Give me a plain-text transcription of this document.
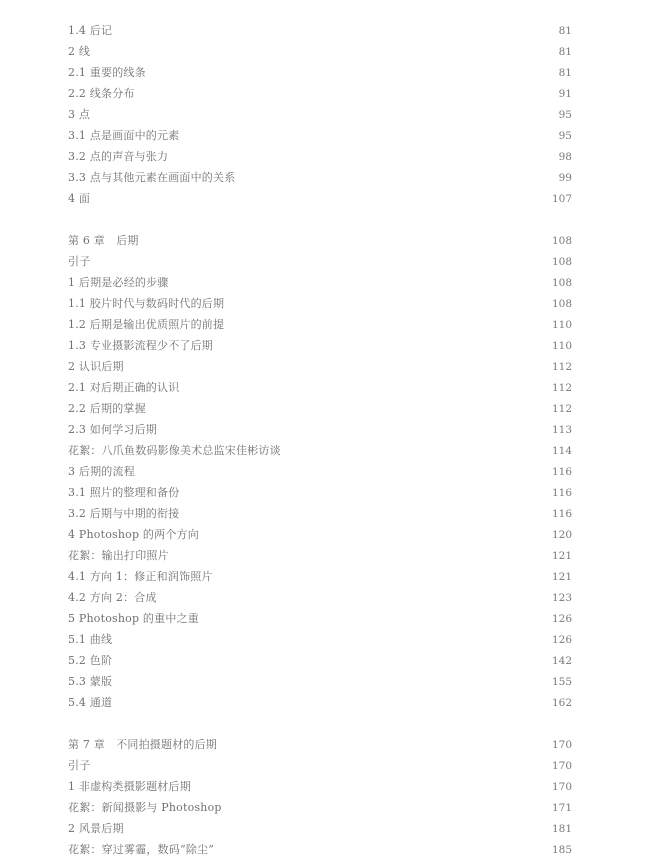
1.4 后记	81
2 线	81
2.1 重要的线条	81
2.2 线条分布	91
3 点	95
3.1 点是画面中的元素	95
3.2 点的声音与张力	98
3.3 点与其他元素在画面中的关系	99
4 面	107
第 6 章　后期	108
引子	108
1 后期是必经的步骤	108
1.1 胶片时代与数码时代的后期	108
1.2 后期是输出优质照片的前提	110
1.3 专业摄影流程少不了后期	110
2 认识后期	112
2.1 对后期正确的认识	112
2.2 后期的掌握	112
2.3 如何学习后期	113
花絮：八爪鱼数码影像美术总监宋佳彬访谈	114
3 后期的流程	116
3.1 照片的整理和备份	116
3.2 后期与中期的衔接	116
4 Photoshop 的两个方向	120
花絮：输出打印照片	121
4.1 方向 1：修正和润饰照片	121
4.2 方向 2：合成	123
5 Photoshop 的重中之重	126
5.1 曲线	126
5.2 色阶	142
5.3 蒙版	155
5.4 通道	162
第 7 章　不同拍摄题材的后期	170
引子	170
1 非虚构类摄影题材后期	170
花絮：新闻摄影与 Photoshop	171
2 风景后期	181
花絮：穿过雾霾，数码“除尘”	185
